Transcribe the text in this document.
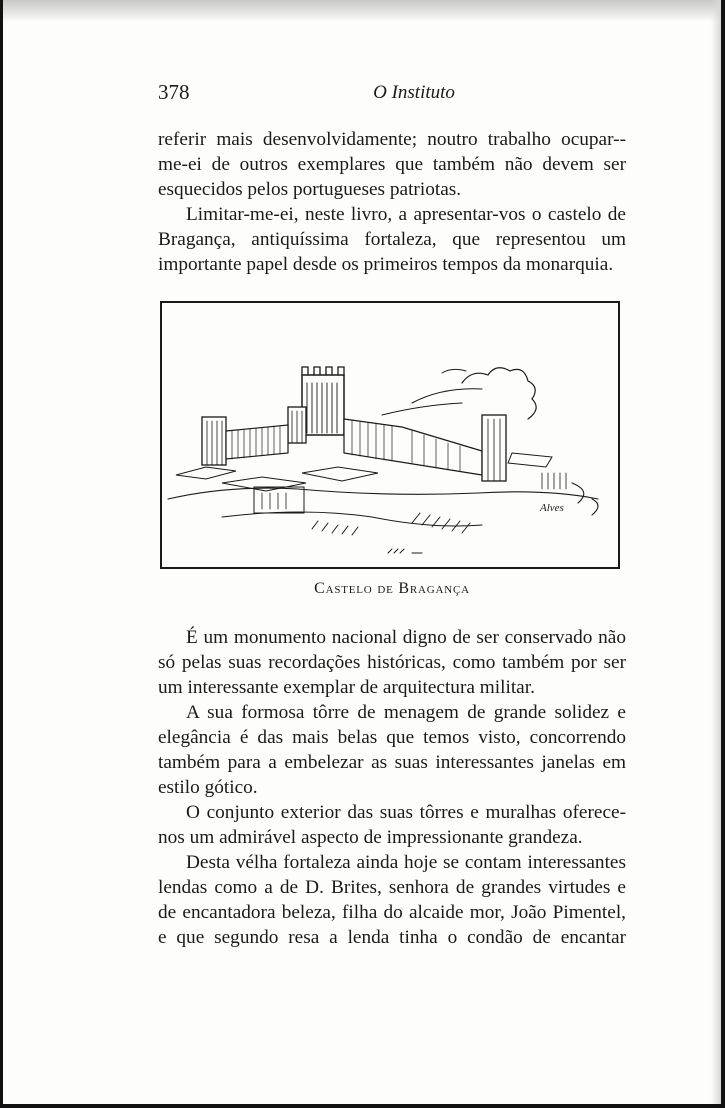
378	O Instituto

referir mais desenvolvidamente; noutro trabalho ocupar--me-ei de outros exemplares que também não devem ser esquecidos pelos portugueses patriotas.

Limitar-me-ei, neste livro, a apresentar-vos o castelo de Bragança, antiquíssima fortaleza, que representou um importante papel desde os primeiros tempos da monarquia.

Alves
Castelo de Bragança

É um monumento nacional digno de ser conservado não só pelas suas recordações históricas, como também por ser um interessante exemplar de arquitectura militar.

A sua formosa tôrre de menagem de grande solidez e elegância é das mais belas que temos visto, concorrendo também para a embelezar as suas interessantes janelas em estilo gótico.

O conjunto exterior das suas tôrres e muralhas oferece-nos um admirável aspecto de impressionante grandeza.

Desta vélha fortaleza ainda hoje se contam interessantes lendas como a de D. Brites, senhora de grandes virtudes e de encantadora beleza, filha do alcaide mor, João Pimentel, e que segundo resa a lenda tinha o condão de encantar
